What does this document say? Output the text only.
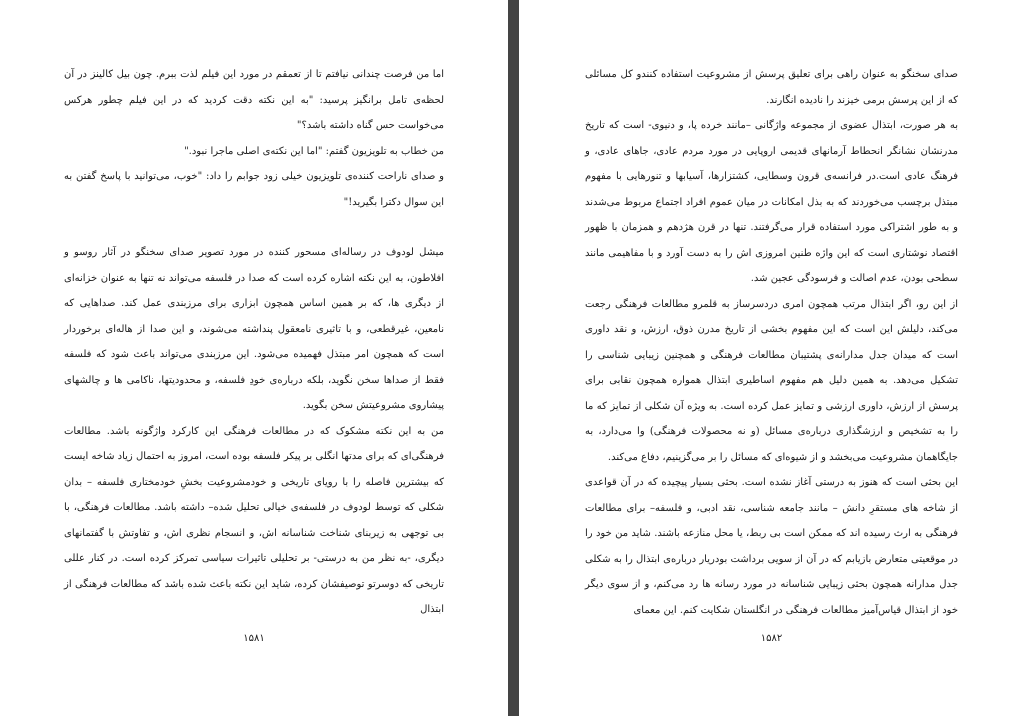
اما من فرصت چندانی نیافتم تا از تعمقم در مورد این فیلم لذت ببرم. چون بیل کالینز در آن لحظه‌ی تامل برانگیز پرسید: "به این نکته دقت کردید که در این فیلم چطور هرکس می‌خواست حس گناه داشته باشد؟"

من خطاب به تلویزیون گفتم: "اما این نکته‌ی اصلی ماجرا نبود."

و صدای ناراحت کننده‌ی تلویزیون خیلی زود جوابم را داد: "خوب، می‌توانید با پاسخ گفتن به این سوال دکترا بگیرید!"

میشل لودوف در رساله‌ای مسحور کننده در مورد تصویر صدای سخنگو در آثار روسو و افلاطون، به این نکته اشاره کرده است که صدا در فلسفه می‌تواند نه تنها به عنوان خزانه‌ای از دیگری ها، که بر همین اساس همچون ابزاری برای مرزبندی عمل کند. صداهایی که نامعین، غیرقطعی، و با تاثیری نامعقول پنداشته می‌شوند، و این صدا از هاله‌ای برخوردار است که همچون امر مبتذل فهمیده می‌شود. این مرزبندی می‌تواند باعث شود که فلسفه فقط از صداها سخن نگوید، بلکه درباره‌ی خودِ فلسفه، و محدودیتها، ناکامی ها و چالشهای پیشاروی مشروعیتش سخن بگوید.

من به این نکته مشکوک که در مطالعات فرهنگی این کارکرد واژگونه باشد. مطالعات فرهنگی‌ای که برای مدتها انگلی بر پیکر فلسفه بوده است، امروز به احتمال زیاد شاخه ایست که بیشترین فاصله را با رویای تاریخی و خودمشروعیت بخشِ خودمختاری فلسفه – بدان شکلی که توسط لودوف در فلسفه‌ی خیالی تحلیل شده– داشته باشد. مطالعات فرهنگی، با بی توجهی به زیربنای شناخت شناسانه اش، و انسجام نظری اش، و تفاوتش با گفتمانهای دیگری، -به نظر من به درستی- بر تحلیلی تاثیرات سیاسی تمرکز کرده است. در کنار عللی تاریخی که دوسرتو توصیفشان کرده، شاید این نکته باعث شده باشد که مطالعات فرهنگی از ابتذال

۱۵۸۱

صدای سخنگو به عنوان راهی برای تعلیق پرسش از مشروعیت استفاده کنندو کل مسائلی که از این پرسش برمی خیزند را نادیده انگارند.

به هر صورت، ابتذال عضوی از مجموعه واژگانی –مانند خرده پا، و دنیوی- است که تاریخ مدرنشان نشانگر انحطاط آرمانهای قدیمی اروپایی در مورد مردم عادی، جاهای عادی، و فرهنگ عادی است.در فرانسه‌ی قرون وسطایی، کشتزارها، آسیابها و تنورهایی با مفهوم مبتذل برچسب می‌خوردند که به بذل امکانات در میان عموم افراد اجتماع مربوط می‌شدند و به طور اشتراکی مورد استفاده قرار می‌گرفتند. تنها در قرن هژدهم و همزمان با ظهور اقتصاد نوشتاری است که این واژه طنین امروزی اش را به دست آورد و با مفاهیمی مانند سطحی بودن، عدم اصالت و فرسودگی عجین شد.

از این رو، اگر ابتذال مرتب همچون امری دردسرساز به قلمرو مطالعات فرهنگی رجعت می‌کند، دلیلش این است که این مفهوم بخشی از تاریخ مدرن ذوق، ارزش، و نقد داوری است که میدان جدل مدارانه‌ی پشتیبان مطالعات فرهنگی و همچنین زیبایی شناسی را تشکیل می‌دهد. به همین دلیل هم مفهوم اساطیری ابتذال همواره همچون نقابی برای پرسش از ارزش، داوری ارزشی و تمایز عمل کرده است. به ویژه آن شکلی از تمایز که ما را به تشخیص و ارزشگذاری درباره‌ی مسائل (و نه محصولات فرهنگی) وا می‌دارد، به جایگاهمان مشروعیت می‌بخشد و از شیوه‌ای که مسائل را بر می‌گزینیم، دفاع می‌کند.

این بحثی است که هنوز به درستی آغاز نشده است. بحثی بسیار پیچیده که در آن قواعدی از شاخه های مستقرِ دانش – مانند جامعه شناسی، نقد ادبی، و فلسفه– برای مطالعات فرهنگی به ارث رسیده اند که ممکن است بی ربط، یا محل منازعه باشند. شاید من خود را در موقعیتی متعارض بازیابم که در آن از سویی برداشت بودریار درباره‌ی ابتذال را به شکلی جدل مدارانه همچون بحثی زیبایی شناسانه در مورد رسانه ها رد می‌کنم، و از سوی دیگر خود از ابتذال قیاس‌آمیز مطالعات فرهنگی در انگلستان شکایت کنم. این معمای

۱۵۸۲
